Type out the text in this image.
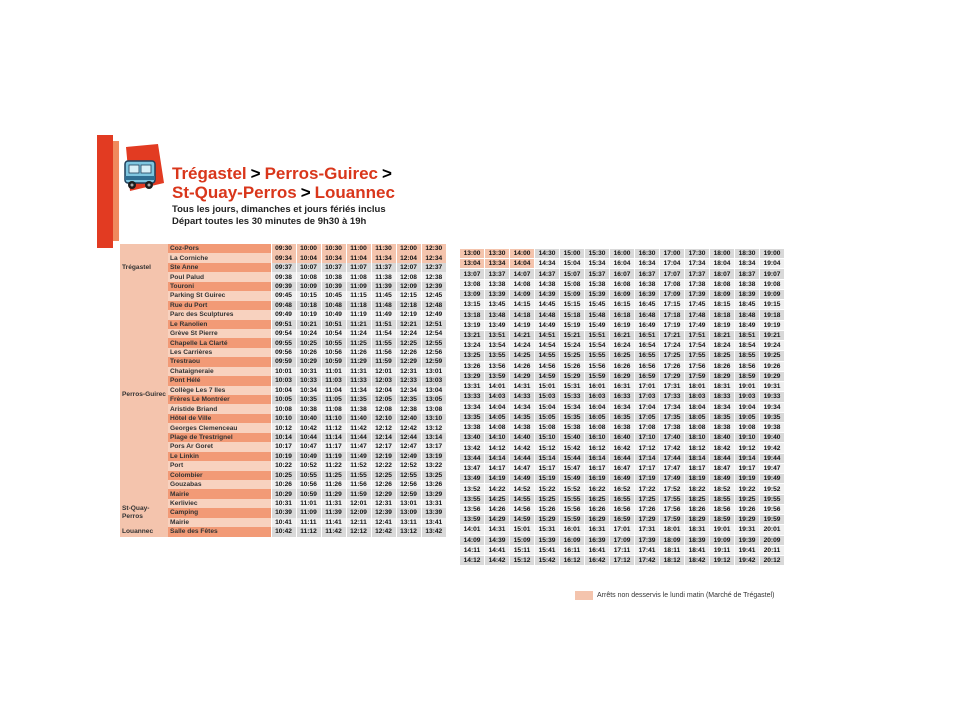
Trégastel > Perros-Guirec >
St-Quay-Perros > Louannec
Tous les jours, dimanches et jours fériés inclus
Départ toutes les 30 minutes de 9h30 à 19h
Trégastel	Coz-Pors	09:30	10:00	10:30	11:00	11:30	12:00	12:30
	La Corniche	09:34	10:04	10:34	11:04	11:34	12:04	12:34
	Ste Anne	09:37	10:07	10:37	11:07	11:37	12:07	12:37
	Poul Palud	09:38	10:08	10:38	11:08	11:38	12:08	12:38
	Touroni	09:39	10:09	10:39	11:09	11:39	12:09	12:39
Perros-Guirec	Parking St Guirec	09:45	10:15	10:45	11:15	11:45	12:15	12:45
	Rue du Port	09:48	10:18	10:48	11:18	11:48	12:18	12:48
	Parc des Sculptures	09:49	10:19	10:49	11:19	11:49	12:19	12:49
	Le Ranolien	09:51	10:21	10:51	11:21	11:51	12:21	12:51
	Grève St Pierre	09:54	10:24	10:54	11:24	11:54	12:24	12:54
	Chapelle La Clarté	09:55	10:25	10:55	11:25	11:55	12:25	12:55
	Les Carrières	09:56	10:26	10:56	11:26	11:56	12:26	12:56
	Trestraou	09:59	10:29	10:59	11:29	11:59	12:29	12:59
	Chataigneraie	10:01	10:31	11:01	11:31	12:01	12:31	13:01
	Pont Hélé	10:03	10:33	11:03	11:33	12:03	12:33	13:03
	Collège Les 7 Iles	10:04	10:34	11:04	11:34	12:04	12:34	13:04
	Frères Le Montréer	10:05	10:35	11:05	11:35	12:05	12:35	13:05
	Aristide Briand	10:08	10:38	11:08	11:38	12:08	12:38	13:08
	Hôtel de Ville	10:10	10:40	11:10	11:40	12:10	12:40	13:10
	Georges Clemenceau	10:12	10:42	11:12	11:42	12:12	12:42	13:12
	Plage de Trestrignel	10:14	10:44	11:14	11:44	12:14	12:44	13:14
	Pors Ar Goret	10:17	10:47	11:17	11:47	12:17	12:47	13:17
	Le Linkin	10:19	10:49	11:19	11:49	12:19	12:49	13:19
	Port	10:22	10:52	11:22	11:52	12:22	12:52	13:22
	Colombier	10:25	10:55	11:25	11:55	12:25	12:55	13:25
	Gouzabas	10:26	10:56	11:26	11:56	12:26	12:56	13:26
	Mairie	10:29	10:59	11:29	11:59	12:29	12:59	13:29
St-Quay-Perros	Kerliviec	10:31	11:01	11:31	12:01	12:31	13:01	13:31
	Camping	10:39	11:09	11:39	12:09	12:39	13:09	13:39
	Mairie	10:41	11:11	11:41	12:11	12:41	13:11	13:41
Louannec	Salle des Fêtes	10:42	11:12	11:42	12:12	12:42	13:12	13:42
13:00	13:30	14:00	14:30	15:00	15:30	16:00	16:30	17:00	17:30	18:00	18:30	19:00
13:04	13:34	14:04	14:34	15:04	15:34	16:04	16:34	17:04	17:34	18:04	18:34	19:04
13:07	13:37	14:07	14:37	15:07	15:37	16:07	16:37	17:07	17:37	18:07	18:37	19:07
13:08	13:38	14:08	14:38	15:08	15:38	16:08	16:38	17:08	17:38	18:08	18:38	19:08
13:09	13:39	14:09	14:39	15:09	15:39	16:09	16:39	17:09	17:39	18:09	18:39	19:09
13:15	13:45	14:15	14:45	15:15	15:45	16:15	16:45	17:15	17:45	18:15	18:45	19:15
13:18	13:48	14:18	14:48	15:18	15:48	16:18	16:48	17:18	17:48	18:18	18:48	19:18
13:19	13:49	14:19	14:49	15:19	15:49	16:19	16:49	17:19	17:49	18:19	18:49	19:19
13:21	13:51	14:21	14:51	15:21	15:51	16:21	16:51	17:21	17:51	18:21	18:51	19:21
13:24	13:54	14:24	14:54	15:24	15:54	16:24	16:54	17:24	17:54	18:24	18:54	19:24
13:25	13:55	14:25	14:55	15:25	15:55	16:25	16:55	17:25	17:55	18:25	18:55	19:25
13:26	13:56	14:26	14:56	15:26	15:56	16:26	16:56	17:26	17:56	18:26	18:56	19:26
13:29	13:59	14:29	14:59	15:29	15:59	16:29	16:59	17:29	17:59	18:29	18:59	19:29
13:31	14:01	14:31	15:01	15:31	16:01	16:31	17:01	17:31	18:01	18:31	19:01	19:31
13:33	14:03	14:33	15:03	15:33	16:03	16:33	17:03	17:33	18:03	18:33	19:03	19:33
13:34	14:04	14:34	15:04	15:34	16:04	16:34	17:04	17:34	18:04	18:34	19:04	19:34
13:35	14:05	14:35	15:05	15:35	16:05	16:35	17:05	17:35	18:05	18:35	19:05	19:35
13:38	14:08	14:38	15:08	15:38	16:08	16:38	17:08	17:38	18:08	18:38	19:08	19:38
13:40	14:10	14:40	15:10	15:40	16:10	16:40	17:10	17:40	18:10	18:40	19:10	19:40
13:42	14:12	14:42	15:12	15:42	16:12	16:42	17:12	17:42	18:12	18:42	19:12	19:42
13:44	14:14	14:44	15:14	15:44	16:14	16:44	17:14	17:44	18:14	18:44	19:14	19:44
13:47	14:17	14:47	15:17	15:47	16:17	16:47	17:17	17:47	18:17	18:47	19:17	19:47
13:49	14:19	14:49	15:19	15:49	16:19	16:49	17:19	17:49	18:19	18:49	19:19	19:49
13:52	14:22	14:52	15:22	15:52	16:22	16:52	17:22	17:52	18:22	18:52	19:22	19:52
13:55	14:25	14:55	15:25	15:55	16:25	16:55	17:25	17:55	18:25	18:55	19:25	19:55
13:56	14:26	14:56	15:26	15:56	16:26	16:56	17:26	17:56	18:26	18:56	19:26	19:56
13:59	14:29	14:59	15:29	15:59	16:29	16:59	17:29	17:59	18:29	18:59	19:29	19:59
14:01	14:31	15:01	15:31	16:01	16:31	17:01	17:31	18:01	18:31	19:01	19:31	20:01
14:09	14:39	15:09	15:39	16:09	16:39	17:09	17:39	18:09	18:39	19:09	19:39	20:09
14:11	14:41	15:11	15:41	16:11	16:41	17:11	17:41	18:11	18:41	19:11	19:41	20:11
14:12	14:42	15:12	15:42	16:12	16:42	17:12	17:42	18:12	18:42	19:12	19:42	20:12
Arrêts non desservis le lundi matin (Marché de Trégastel)
